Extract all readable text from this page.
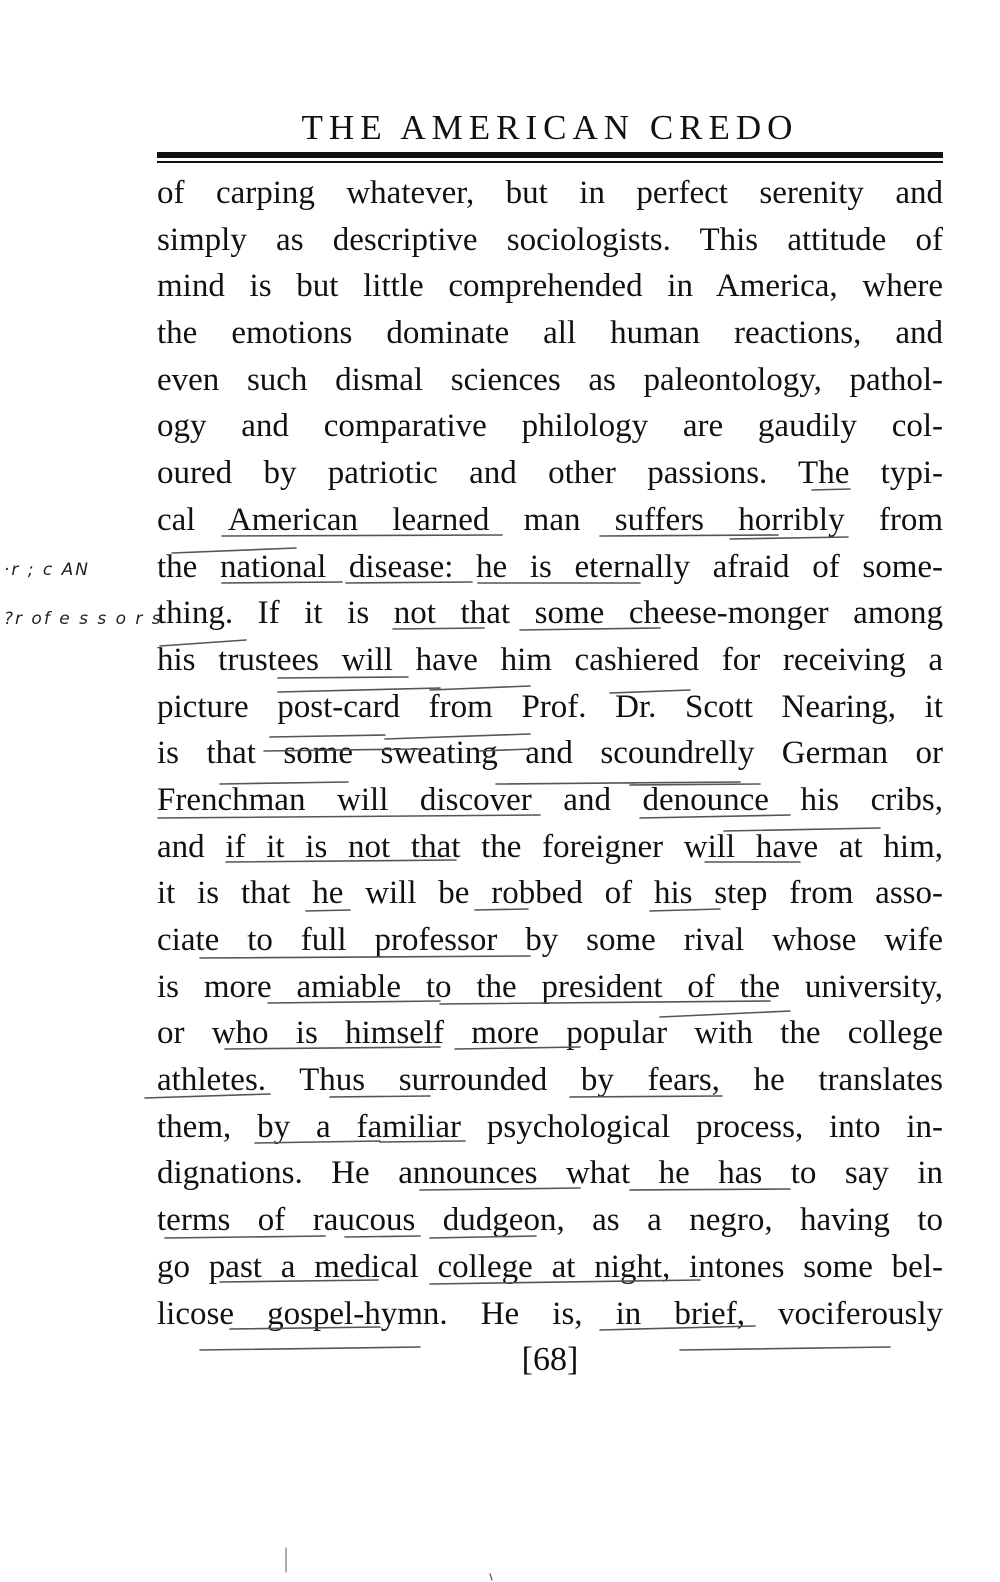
THE AMERICAN CREDO
of carping whatever, but in perfect serenity and
simply as descriptive sociologists. This attitude of
mind is but little comprehended in America, where
the emotions dominate all human reactions, and
even such dismal sciences as paleontology, pathol-
ogy and comparative philology are gaudily col-
oured by patriotic and other passions. The typi-
cal American learned man suffers horribly from
the national disease: he is eternally afraid of some-
thing. If it is not that some cheese-monger among
his trustees will have him cashiered for receiving a
picture post-card from Prof. Dr. Scott Nearing, it
is that some sweating and scoundrelly German or
Frenchman will discover and denounce his cribs,
and if it is not that the foreigner will have at him,
it is that he will be robbed of his step from asso-
ciate to full professor by some rival whose wife
is more amiable to the president of the university,
or who is himself more popular with the college
athletes. Thus surrounded by fears, he translates
them, by a familiar psychological process, into in-
dignations. He announces what he has to say in
terms of raucous dudgeon, as a negro, having to
go past a medical college at night, intones some bel-
licose gospel-hymn. He is, in brief, vociferously
·r ; c AN
?r of e s s o r s
[68]
